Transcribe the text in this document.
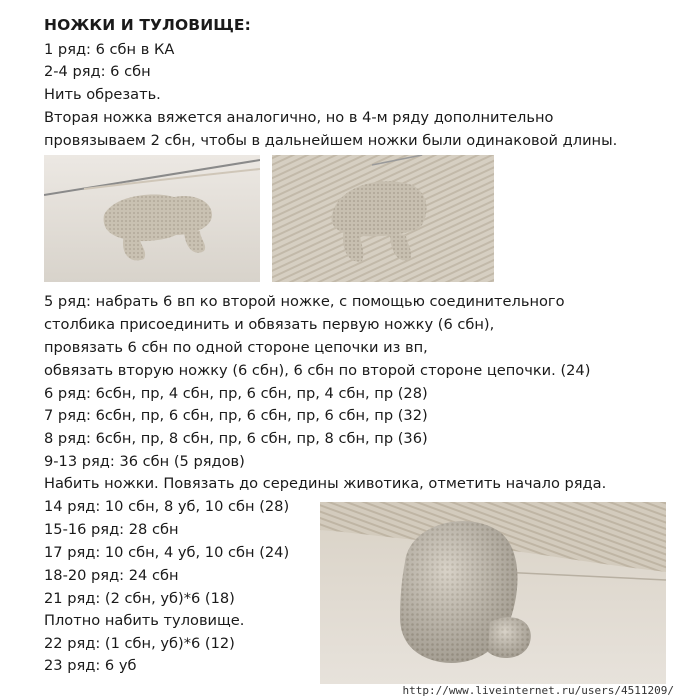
НОЖКИ И ТУЛОВИЩЕ:
1 ряд: 6 сбн в КА
2-4 ряд: 6 сбн
Нить обрезать.
Вторая ножка вяжется аналогично, но в 4-м ряду дополнительно
провязываем 2 сбн, чтобы в дальнейшем ножки были одинаковой длины.
5 ряд: набрать 6 вп ко второй ножке, с помощью соединительного
столбика присоединить и обвязать первую ножку (6 сбн),
провязать 6 сбн по одной стороне цепочки из вп,
обвязать вторую ножку (6 сбн), 6 сбн по второй стороне цепочки. (24)
6 ряд: 6сбн, пр, 4 сбн, пр, 6 сбн, пр, 4 сбн, пр (28)
7 ряд: 6сбн, пр, 6 сбн, пр, 6 сбн, пр, 6 сбн, пр (32)
8 ряд: 6сбн, пр, 8 сбн, пр, 6 сбн, пр, 8 сбн, пр (36)
9-13 ряд: 36 сбн (5 рядов)
Набить ножки. Повязать до середины животика, отметить начало ряда.
14 ряд: 10 сбн, 8 уб, 10 сбн (28)
15-16 ряд: 28 сбн
17 ряд: 10 сбн, 4 уб, 10 сбн (24)
18-20 ряд: 24 сбн
21 ряд: (2 сбн, уб)*6 (18)
Плотно набить туловище.
22 ряд: (1 сбн, уб)*6 (12)
23 ряд: 6 уб
http://www.liveinternet.ru/users/4511209/
